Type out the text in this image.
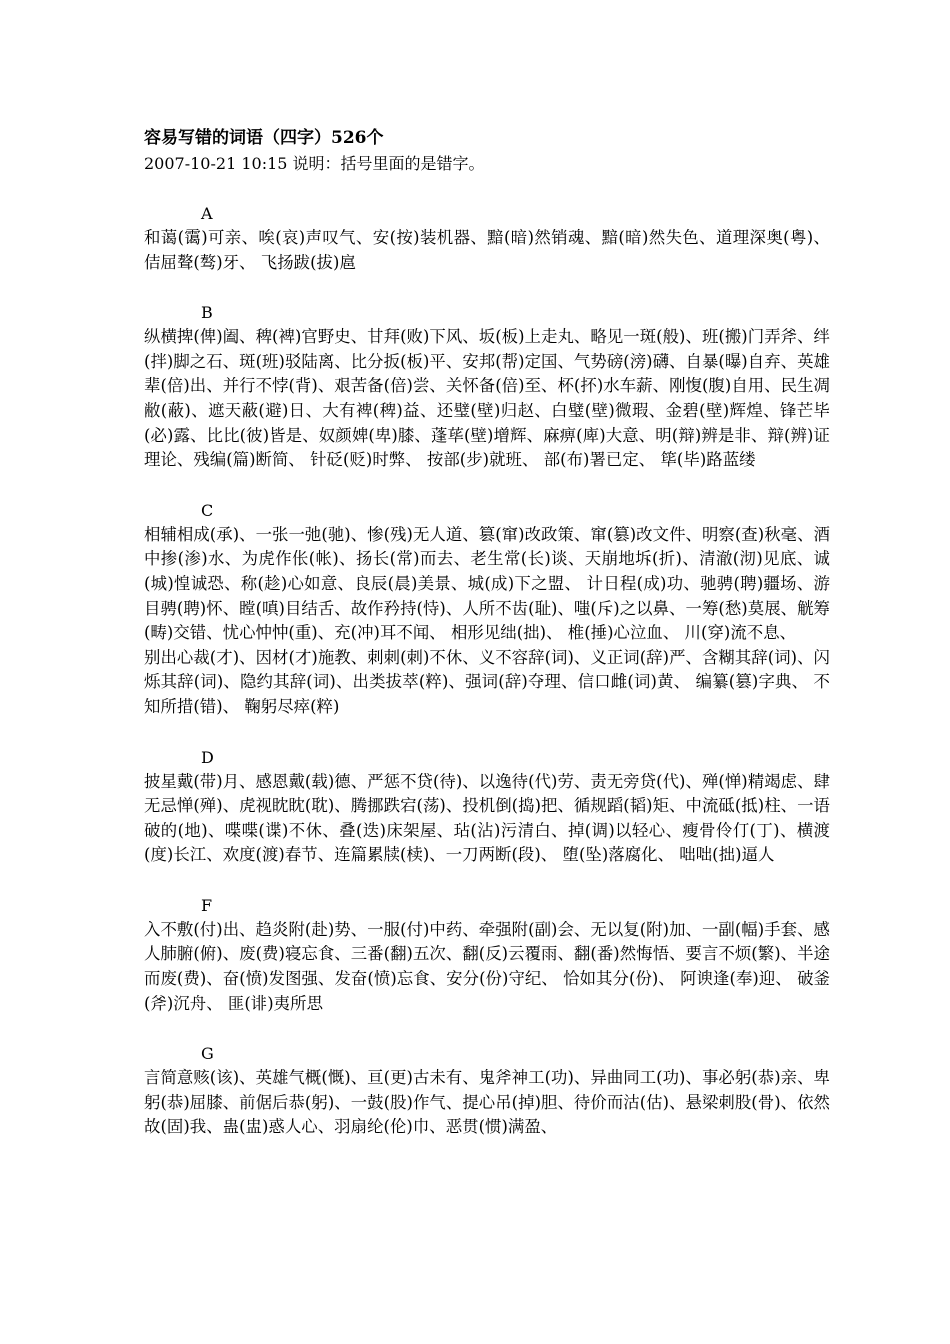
容易写错的词语（四字）526个

2007-10-21 10:15 说明：括号里面的是错字。

A

和蔼(霭)可亲、唉(哀)声叹气、安(按)装机器、黯(暗)然销魂、黯(暗)然失色、道理深奥(粤)、 佶屈聱(骜)牙、 飞扬跋(拔)扈

B

纵横捭(俾)阖、稗(裨)官野史、甘拜(败)下风、坂(板)上走丸、略见一斑(般)、班(搬)门弄斧、绊(拌)脚之石、斑(班)驳陆离、比分扳(板)平、安邦(帮)定国、气势磅(滂)礴、自暴(曝)自弃、英雄辈(倍)出、并行不悖(背)、艰苦备(倍)尝、关怀备(倍)至、杯(抔)水车薪、刚愎(腹)自用、民生凋敝(蔽)、遮天蔽(避)日、大有裨(稗)益、还璧(壁)归赵、白璧(壁)微瑕、金碧(壁)辉煌、锋芒毕(必)露、比比(彼)皆是、奴颜婢(卑)膝、蓬荜(壁)增辉、麻痹(庳)大意、明(辩)辨是非、辩(辨)证理论、残编(篇)断简、 针砭(贬)时弊、 按部(步)就班、 部(布)署已定、 筚(毕)路蓝缕

C

相辅相成(承)、一张一弛(驰)、惨(残)无人道、篡(窜)改政策、窜(篡)改文件、明察(查)秋毫、酒中掺(渗)水、为虎作伥(帐)、扬长(常)而去、老生常(长)谈、天崩地坼(折)、清澈(沏)见底、诚(城)惶诚恐、称(趁)心如意、良辰(晨)美景、城(成)下之盟、 计日程(成)功、驰骋(聘)疆场、游目骋(聘)怀、瞠(嗔)目结舌、故作矜持(恃)、人所不齿(耻)、嗤(斥)之以鼻、一筹(愁)莫展、觥筹(畴)交错、忧心忡忡(重)、充(冲)耳不闻、 相形见绌(拙)、 椎(捶)心泣血、 川(穿)流不息、

别出心裁(才)、因材(才)施教、刺刺(刺)不休、义不容辞(词)、义正词(辞)严、含糊其辞(词)、闪烁其辞(词)、隐约其辞(词)、出类拔萃(粹)、强词(辞)夺理、信口雌(词)黄、 编纂(篡)字典、 不知所措(错)、 鞠躬尽瘁(粹)

D

披星戴(带)月、感恩戴(载)德、严惩不贷(待)、以逸待(代)劳、责无旁贷(代)、殚(惮)精竭虑、肆无忌惮(殚)、虎视眈眈(耽)、腾挪跌宕(荡)、投机倒(捣)把、循规蹈(韬)矩、中流砥(抵)柱、一语破的(地)、喋喋(谍)不休、叠(迭)床架屋、玷(沾)污清白、掉(调)以轻心、瘦骨伶仃(丁)、横渡(度)长江、欢度(渡)春节、连篇累牍(椟)、一刀两断(段)、 堕(坠)落腐化、 咄咄(拙)逼人

F

入不敷(付)出、趋炎附(赴)势、一服(付)中药、牵强附(副)会、无以复(附)加、一副(幅)手套、感人肺腑(俯)、废(费)寝忘食、三番(翻)五次、翻(反)云覆雨、翻(番)然悔悟、要言不烦(繁)、半途而废(费)、奋(愤)发图强、发奋(愤)忘食、安分(份)守纪、 恰如其分(份)、 阿谀逢(奉)迎、 破釜(斧)沉舟、 匪(诽)夷所思

G

言简意赅(该)、英雄气概(慨)、亘(更)古未有、鬼斧神工(功)、异曲同工(功)、事必躬(恭)亲、卑躬(恭)屈膝、前倨后恭(躬)、一鼓(股)作气、提心吊(掉)胆、待价而沽(估)、悬梁刺股(骨)、依然故(固)我、蛊(盅)惑人心、羽扇纶(伦)巾、恶贯(惯)满盈、
